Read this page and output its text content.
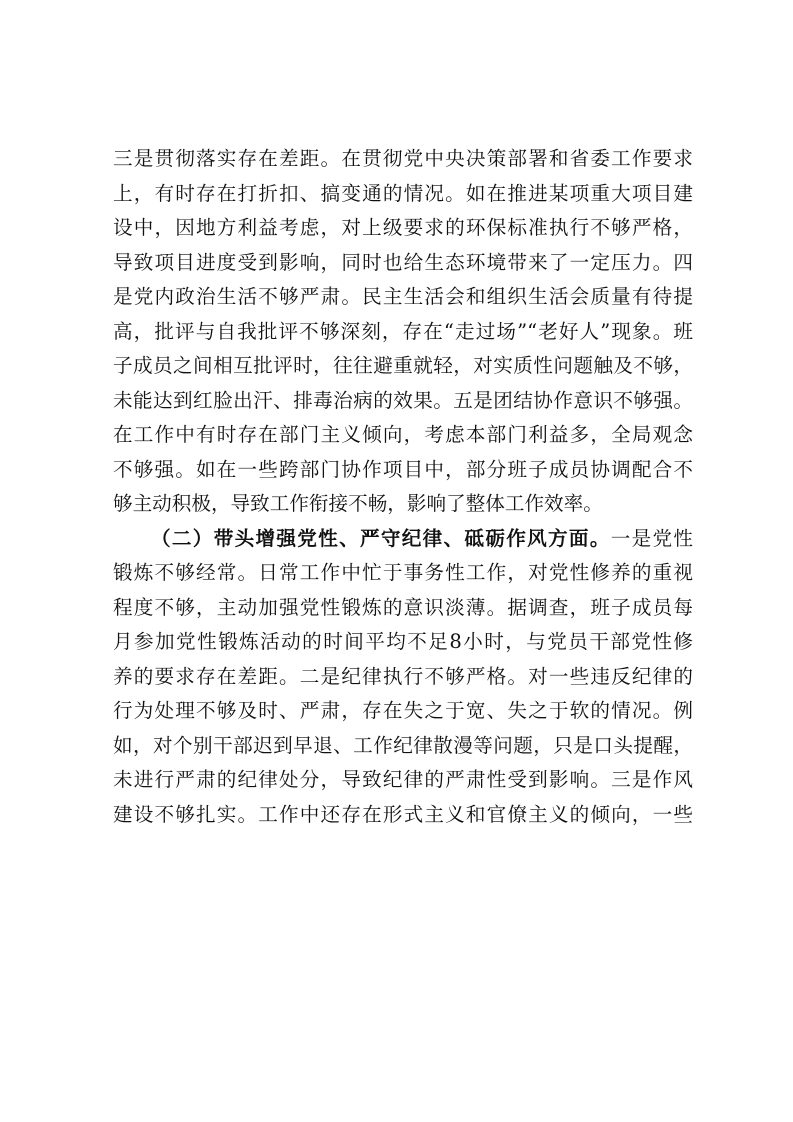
三是贯彻落实存在差距。在贯彻党中央决策部署和省委工作要求
上，有时存在打折扣、搞变通的情况。如在推进某项重大项目建
设中，因地方利益考虑，对上级要求的环保标准执行不够严格，
导致项目进度受到影响，同时也给生态环境带来了一定压力。四
是党内政治生活不够严肃。民主生活会和组织生活会质量有待提
高，批评与自我批评不够深刻，存在“走过场”“老好人”现象。班
子成员之间相互批评时，往往避重就轻，对实质性问题触及不够，
未能达到红脸出汗、排毒治病的效果。五是团结协作意识不够强。
在工作中有时存在部门主义倾向，考虑本部门利益多，全局观念
不够强。如在一些跨部门协作项目中，部分班子成员协调配合不
够主动积极，导致工作衔接不畅，影响了整体工作效率。
（二）带头增强党性、严守纪律、砥砺作风方面。一是党性
锻炼不够经常。日常工作中忙于事务性工作，对党性修养的重视
程度不够，主动加强党性锻炼的意识淡薄。据调查，班子成员每
月参加党性锻炼活动的时间平均不足8小时，与党员干部党性修
养的要求存在差距。二是纪律执行不够严格。对一些违反纪律的
行为处理不够及时、严肃，存在失之于宽、失之于软的情况。例
如，对个别干部迟到早退、工作纪律散漫等问题，只是口头提醒，
未进行严肃的纪律处分，导致纪律的严肃性受到影响。三是作风
建设不够扎实。工作中还存在形式主义和官僚主义的倾向，一些
